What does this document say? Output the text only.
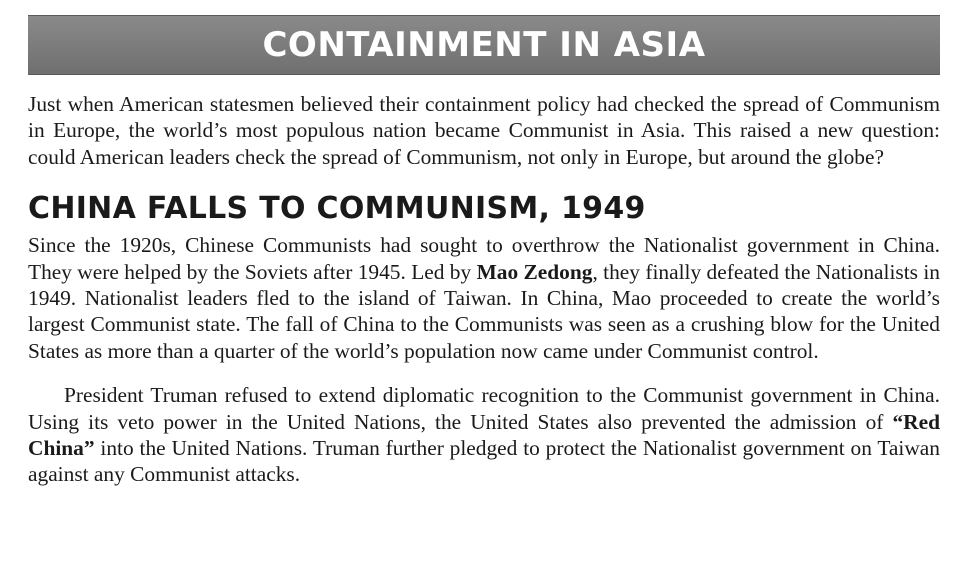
CONTAINMENT IN ASIA

Just when American statesmen believed their containment policy had checked the spread of Communism in Europe, the world’s most populous nation became Communist in Asia. This raised a new question: could American leaders check the spread of Communism, not only in Europe, but around the globe?

CHINA FALLS TO COMMUNISM, 1949

Since the 1920s, Chinese Communists had sought to overthrow the Nationalist government in China. They were helped by the Soviets after 1945. Led by Mao Zedong, they finally defeated the Nationalists in 1949. Nationalist leaders fled to the island of Taiwan. In China, Mao proceeded to create the world’s largest Communist state. The fall of China to the Communists was seen as a crushing blow for the United States as more than a quarter of the world’s population now came under Communist control.

President Truman refused to extend diplomatic recognition to the Communist government in China. Using its veto power in the United Nations, the United States also prevented the admission of “Red China” into the United Nations. Truman further pledged to protect the Nationalist government on Taiwan against any Communist attacks.
